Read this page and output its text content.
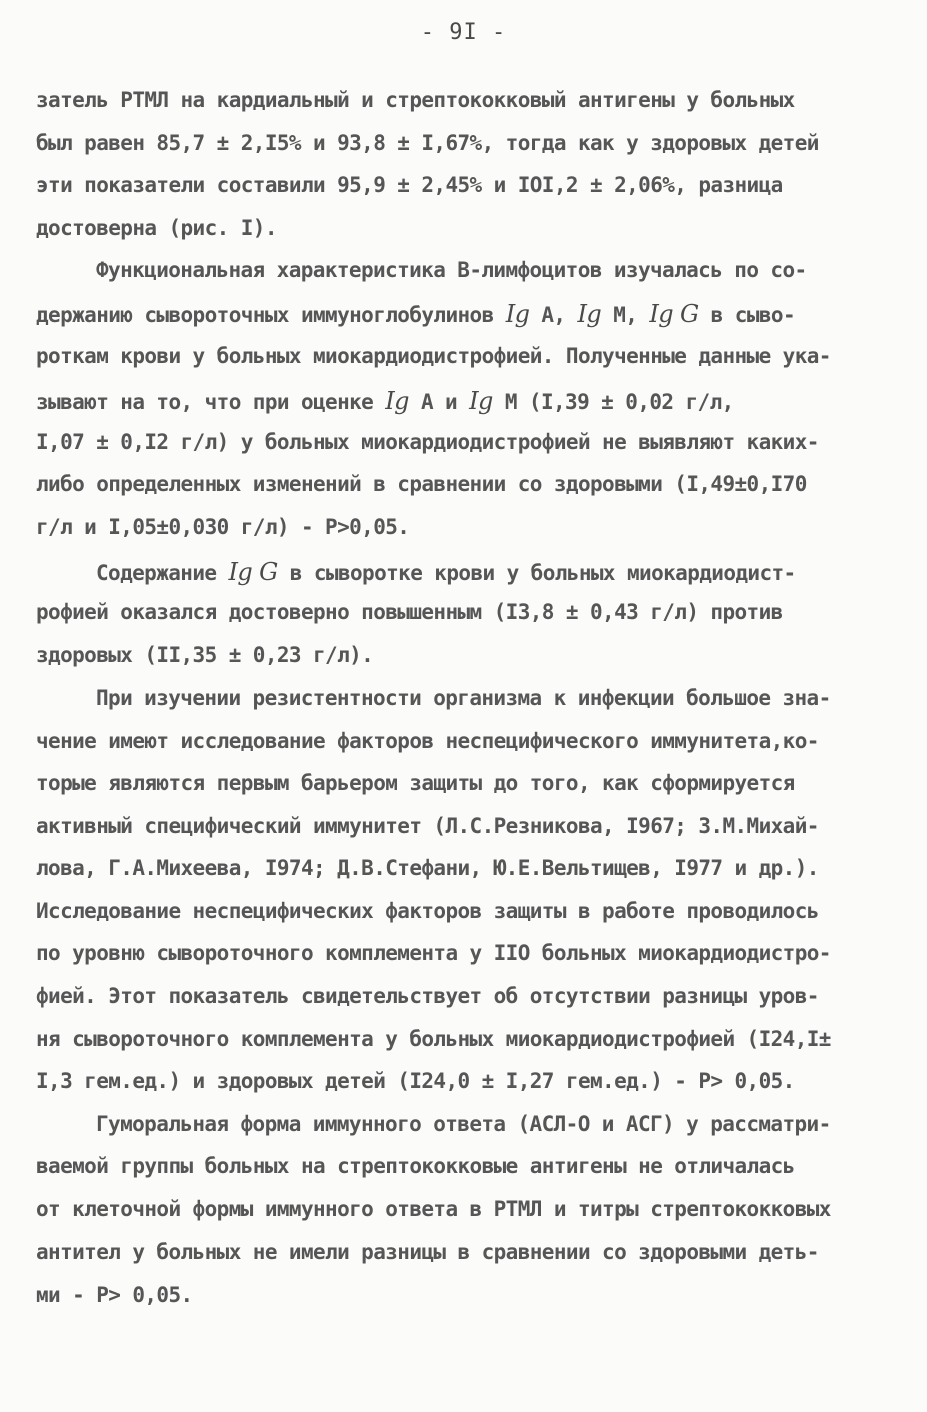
- 9I -
затель РТМЛ на кардиальный и стрептококковый антигены у больных
был равен 85,7 ± 2,I5% и 93,8 ± I,67%, тогда как у здоровых детей
эти показатели составили 95,9 ± 2,45% и IOI,2 ± 2,06%, разница
достоверна (рис. I).
Функциональная характеристика В-лимфоцитов изучалась по со-
держанию сывороточных иммуноглобулинов Ig A, Ig M, Ig G в сыво-
роткам крови у больных миокардиодистрофией. Полученные данные ука-
зывают на то, что при оценке Ig A и Ig M (I,39 ± 0,02 г/л,
I,07 ± 0,I2 г/л) у больных миокардиодистрофией не выявляют каких-
либо определенных изменений в сравнении со здоровыми (I,49±0,I70
г/л и I,05±0,030 г/л) - P>0,05.
Содержание Ig G в сыворотке крови у больных миокардиодист-
рофией оказался достоверно повышенным (I3,8 ± 0,43 г/л) против
здоровых (II,35 ± 0,23 г/л).
При изучении резистентности организма к инфекции большое зна-
чение имеют исследование факторов неспецифического иммунитета,ко-
торые являются первым барьером защиты до того, как сформируется
активный специфический иммунитет (Л.С.Резникова, I967; З.М.Михай-
лова, Г.А.Михеева, I974; Д.В.Стефани, Ю.Е.Вельтищев, I977 и др.).
Исследование неспецифических факторов защиты в работе проводилось
по уровню сывороточного комплемента у IIO больных миокардиодистро-
фией. Этот показатель свидетельствует об отсутствии разницы уров-
ня сывороточного комплемента у больных миокардиодистрофией (I24,I±
I,3 гем.ед.) и здоровых детей (I24,0 ± I,27 гем.ед.) - P> 0,05.
Гуморальная форма иммунного ответа (АСЛ-О и АСГ) у рассматри-
ваемой группы больных на стрептококковые антигены не отличалась
от клеточной формы иммунного ответа в РТМЛ и титры стрептококковых
антител у больных не имели разницы в сравнении со здоровыми деть-
ми - P> 0,05.
